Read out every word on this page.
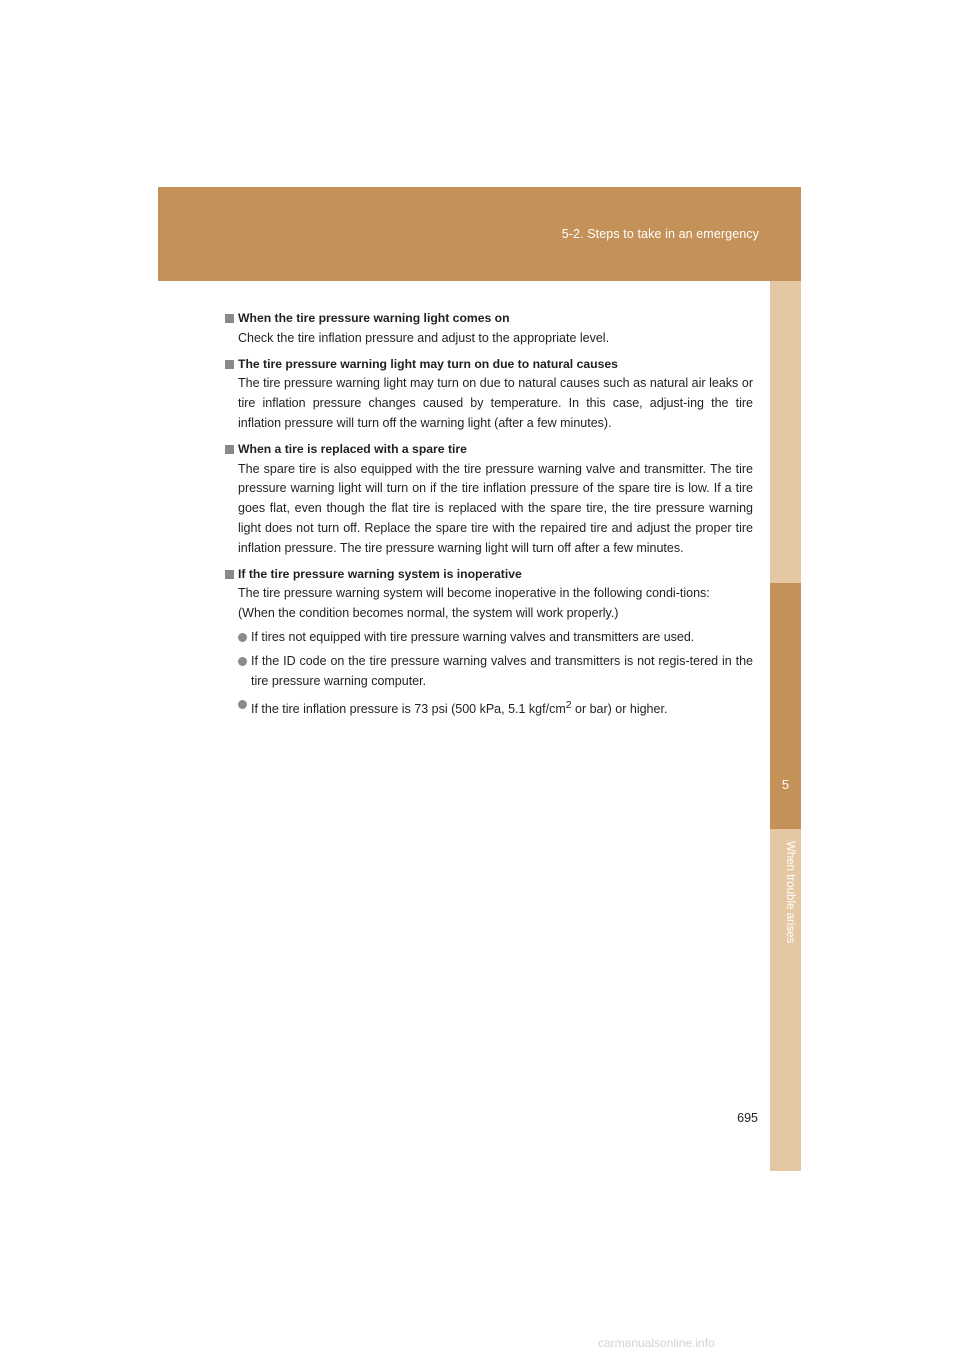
5-2. Steps to take in an emergency
5
When trouble arises
When the tire pressure warning light comes on
Check the tire inflation pressure and adjust to the appropriate level.
The tire pressure warning light may turn on due to natural causes
The tire pressure warning light may turn on due to natural causes such as natural air leaks or tire inflation pressure changes caused by temperature. In this case, adjust-ing the tire inflation pressure will turn off the warning light (after a few minutes).
When a tire is replaced with a spare tire
The spare tire is also equipped with the tire pressure warning valve and transmitter. The tire pressure warning light will turn on if the tire inflation pressure of the spare tire is low. If a tire goes flat, even though the flat tire is replaced with the spare tire, the tire pressure warning light does not turn off. Replace the spare tire with the repaired tire and adjust the proper tire inflation pressure. The tire pressure warning light will turn off after a few minutes.
If the tire pressure warning system is inoperative
The tire pressure warning system will become inoperative in the following condi-tions:
(When the condition becomes normal, the system will work properly.)
If tires not equipped with tire pressure warning valves and transmitters are used.
If the ID code on the tire pressure warning valves and transmitters is not regis-tered in the tire pressure warning computer.
If the tire inflation pressure is 73 psi (500 kPa, 5.1 kgf/$cm^2$ or bar) or higher.
695
carmanualsonline.info
